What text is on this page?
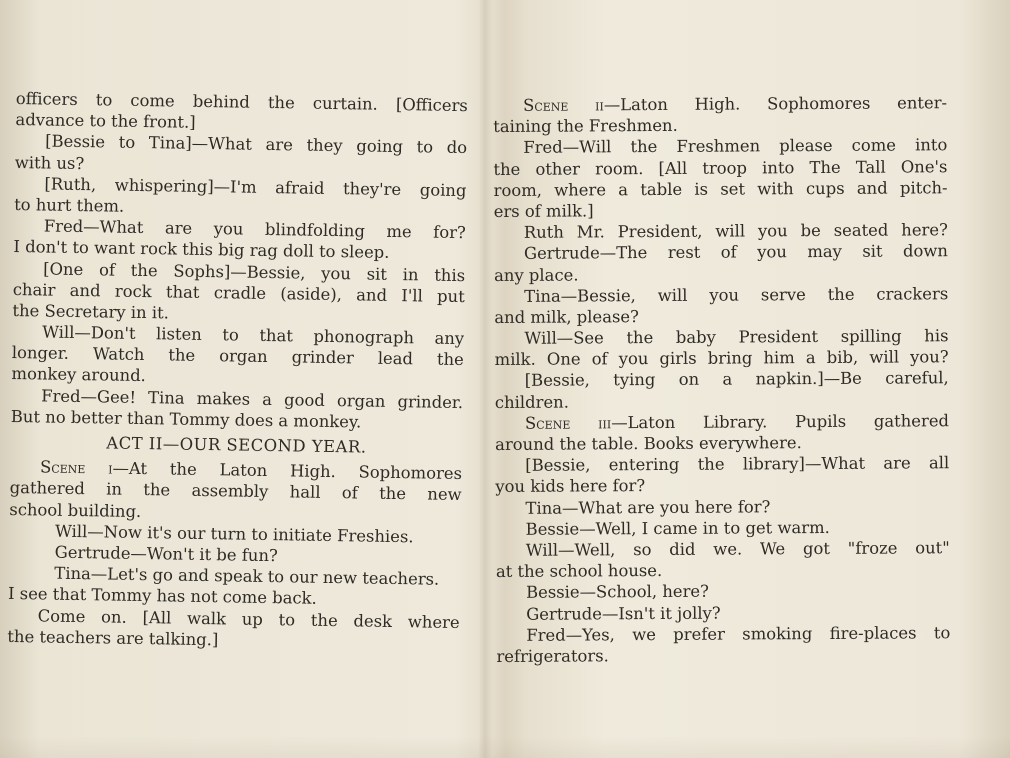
officers to come behind the curtain. [Officers
advance to the front.]
[Bessie to Tina]—What are they going to do
with us?
[Ruth, whispering]—I'm afraid they're going
to hurt them.
Fred—What are you blindfolding me for?
I don't to want rock this big rag doll to sleep.
[One of the Sophs]—Bessie, you sit in this
chair and rock that cradle (aside), and I'll put
the Secretary in it.
Will—Don't listen to that phonograph any
longer. Watch the organ grinder lead the
monkey around.
Fred—Gee! Tina makes a good organ grinder.
But no better than Tommy does a monkey.
ACT II—OUR SECOND YEAR.
Scene i—At the Laton High. Sophomores
gathered in the assembly hall of the new
school building.
Will—Now it's our turn to initiate Freshies.
Gertrude—Won't it be fun?
Tina—Let's go and speak to our new teachers.
I see that Tommy has not come back.
Come on. [All walk up to the desk where
the teachers are talking.]
Scene ii—Laton High. Sophomores enter-
taining the Freshmen.
Fred—Will the Freshmen please come into
the other room. [All troop into The Tall One's
room, where a table is set with cups and pitch-
ers of milk.]
Ruth Mr. President, will you be seated here?
Gertrude—The rest of you may sit down
any place.
Tina—Bessie, will you serve the crackers
and milk, please?
Will—See the baby President spilling his
milk. One of you girls bring him a bib, will you?
[Bessie, tying on a napkin.]—Be careful,
children.
Scene iii—Laton Library. Pupils gathered
around the table. Books everywhere.
[Bessie, entering the library]—What are all
you kids here for?
Tina—What are you here for?
Bessie—Well, I came in to get warm.
Will—Well, so did we. We got "froze out"
at the school house.
Bessie—School, here?
Gertrude—Isn't it jolly?
Fred—Yes, we prefer smoking fire-places to
refrigerators.
